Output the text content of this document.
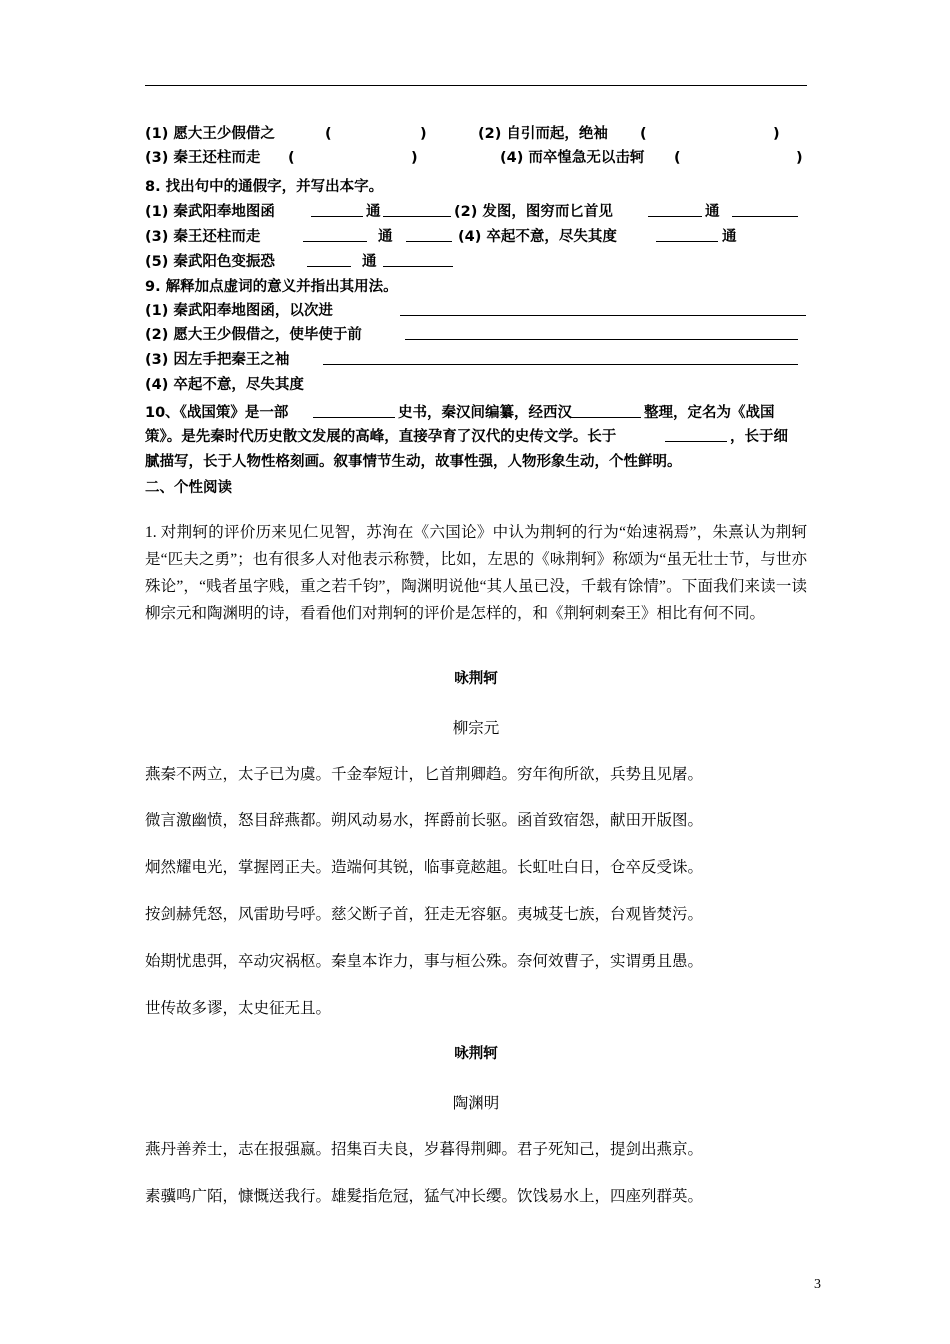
(1) 愿大王少假借之	(	)	(2) 自引而起，绝袖 (	)
(3) 秦王还柱而走 (	)	(4) 而卒惶急无以击轲 (	)
8. 找出句中的通假字，并写出本字。
(1) 秦武阳奉地图函	通	(2) 发图，图穷而匕首见	通
(3) 秦王还柱而走	通	(4) 卒起不意，尽失其度	通
(5) 秦武阳色变振恐	通
9. 解释加点虚词的意义并指出其用法。
(1) 秦武阳奉地图函，以次进
(2) 愿大王少假借之，使毕使于前
(3) 因左手把秦王之袖
(4) 卒起不意，尽失其度
10、《战国策》是一部	史书，秦汉间编纂，经西汉	整理，定名为《战国
策》。是先秦时代历史散文发展的高峰，直接孕育了汉代的史传文学。长于	，长于细
腻描写，长于人物性格刻画。叙事情节生动，故事性强，人物形象生动，个性鲜明。
二、个性阅读
1. 对荆轲的评价历来见仁见智，苏洵在《六国论》中认为荆轲的行为“始速祸焉”，朱熹认为荆轲是“匹夫之勇”；也有很多人对他表示称赞，比如，左思的《咏荆轲》称颂为“虽无壮士节，与世亦殊论”，“贱者虽字贱，重之若千钧”，陶渊明说他“其人虽已没，千载有馀情”。下面我们来读一读柳宗元和陶渊明的诗，看看他们对荆轲的评价是怎样的，和《荆轲刺秦王》相比有何不同。
咏荆轲
柳宗元
燕秦不两立，太子已为虞。千金奉短计，匕首荆卿趋。穷年徇所欲，兵势且见屠。
微言激幽愤，怒目辞燕都。朔风动易水，挥爵前长驱。函首致宿怨，献田开版图。
炯然耀电光，掌握罔正夫。造端何其锐，临事竟趑趄。长虹吐白日，仓卒反受诛。
按剑赫凭怒，风雷助号呼。慈父断子首，狂走无容躯。夷城芟七族，台观皆焚污。
始期忧患弭，卒动灾祸枢。秦皇本诈力，事与桓公殊。奈何效曹子，实谓勇且愚。
世传故多谬，太史征无且。
咏荆轲
陶渊明
燕丹善养士，志在报强嬴。招集百夫良，岁暮得荆卿。君子死知己，提剑出燕京。
素骥鸣广陌，慷慨送我行。雄髮指危冠，猛气冲长缨。饮饯易水上，四座列群英。
3
